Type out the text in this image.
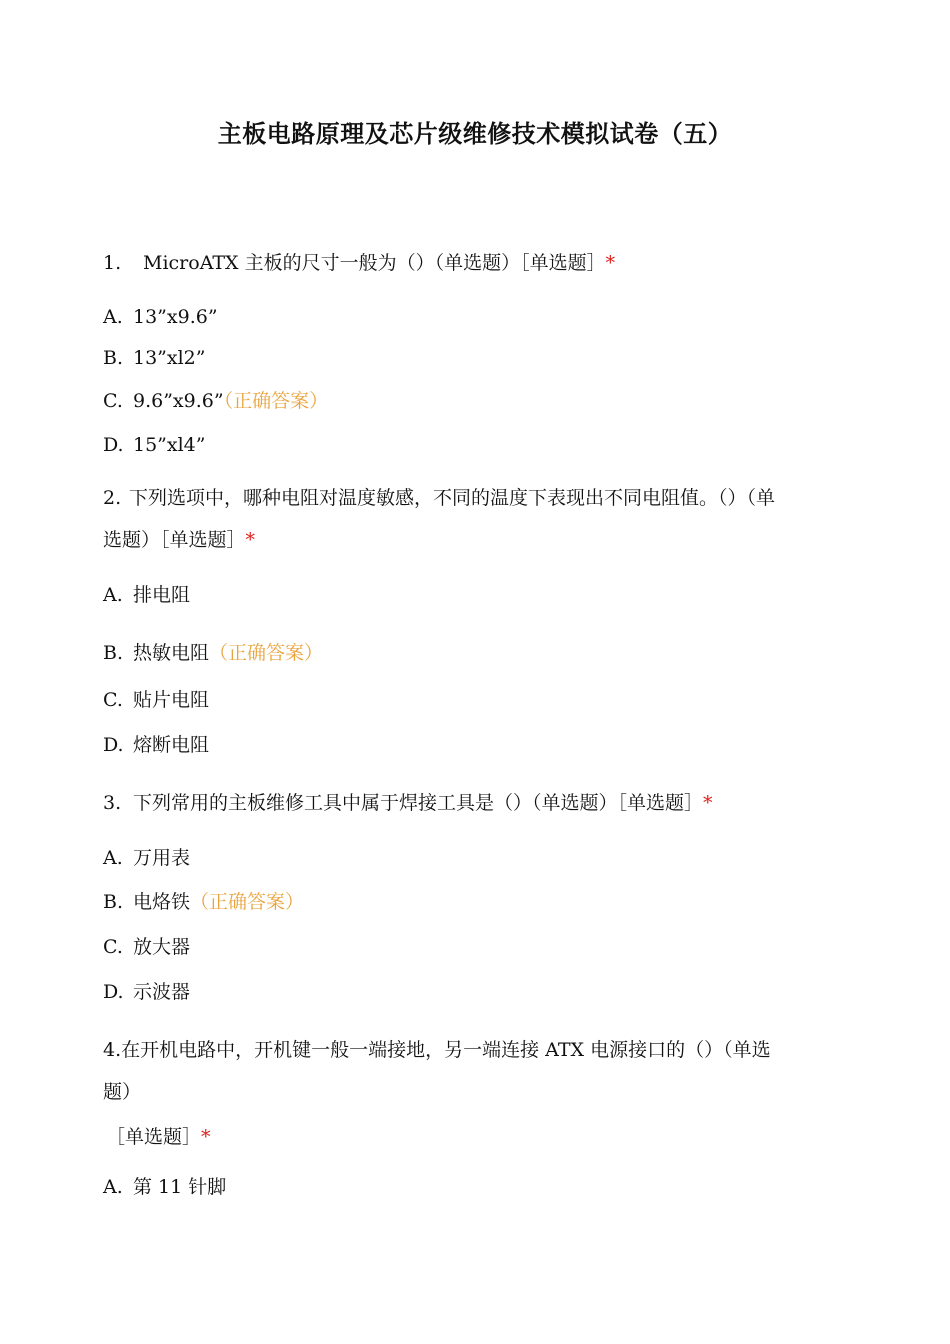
主板电路原理及芯片级维修技术模拟试卷（五）
1. MicroATX 主板的尺寸一般为（）（单选题）［单选题］*
A. 13”x9.6”
B. 13”xl2”
C. 9.6”x9.6”（正确答案）
D. 15”xl4”
2. 下列选项中，哪种电阻对温度敏感，不同的温度下表现出不同电阻值。（）（单
选题）［单选题］*
A. 排电阻
B. 热敏电阻（正确答案）
C. 贴片电阻
D. 熔断电阻
3. 下列常用的主板维修工具中属于焊接工具是（）（单选题）［单选题］*
A. 万用表
B. 电烙铁（正确答案）
C. 放大器
D. 示波器
4.在开机电路中，开机键一般一端接地，另一端连接 ATX 电源接口的（）（单选
题）
［单选题］*
A. 第 11 针脚
